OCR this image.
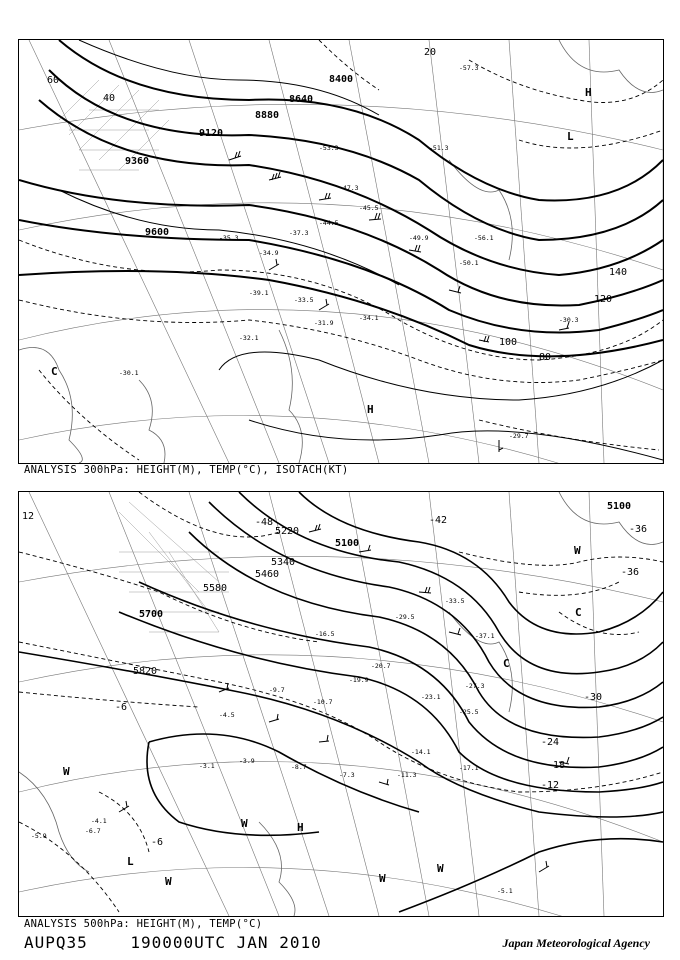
8400
8640
8880
9120
9360
9600
20
40
60
80
100
120
140
H
L
H
C
-53.3
-57.3
-51.3
-47.3
-49.9
-44.5
-45.5
-37.3
-34.9
-33.5
-34.1
-31.9	-30.3
-29.7
-30.1
-32.1
-35.3
-39.1
-50.1
-56.1
ANALYSIS 300hPa: HEIGHT(M), TEMP(°C), ISOTACH(KT)
5100
5220
5340
5460
5580
5700
5820
5100
-48	-42
-36
-30
-24
-18
-12
-6
-36
12
-6
W
W
W	W
W
H
L
C
C
W
-33.5
-29.5
-37.1
-27.3
-25.5
-23.1
-19.9
-17.1
-14.1
-11.3
-8.7
-7.3
-5.1
-4.5
-3.9
-3.1
-4.1
-5.9
-6.7
-9.7
-10.7
-16.5
-20.7
ANALYSIS 500hPa: HEIGHT(M), TEMP(°C)
AUPQ35    190000UTC JAN 2010	Japan Meteorological Agency
